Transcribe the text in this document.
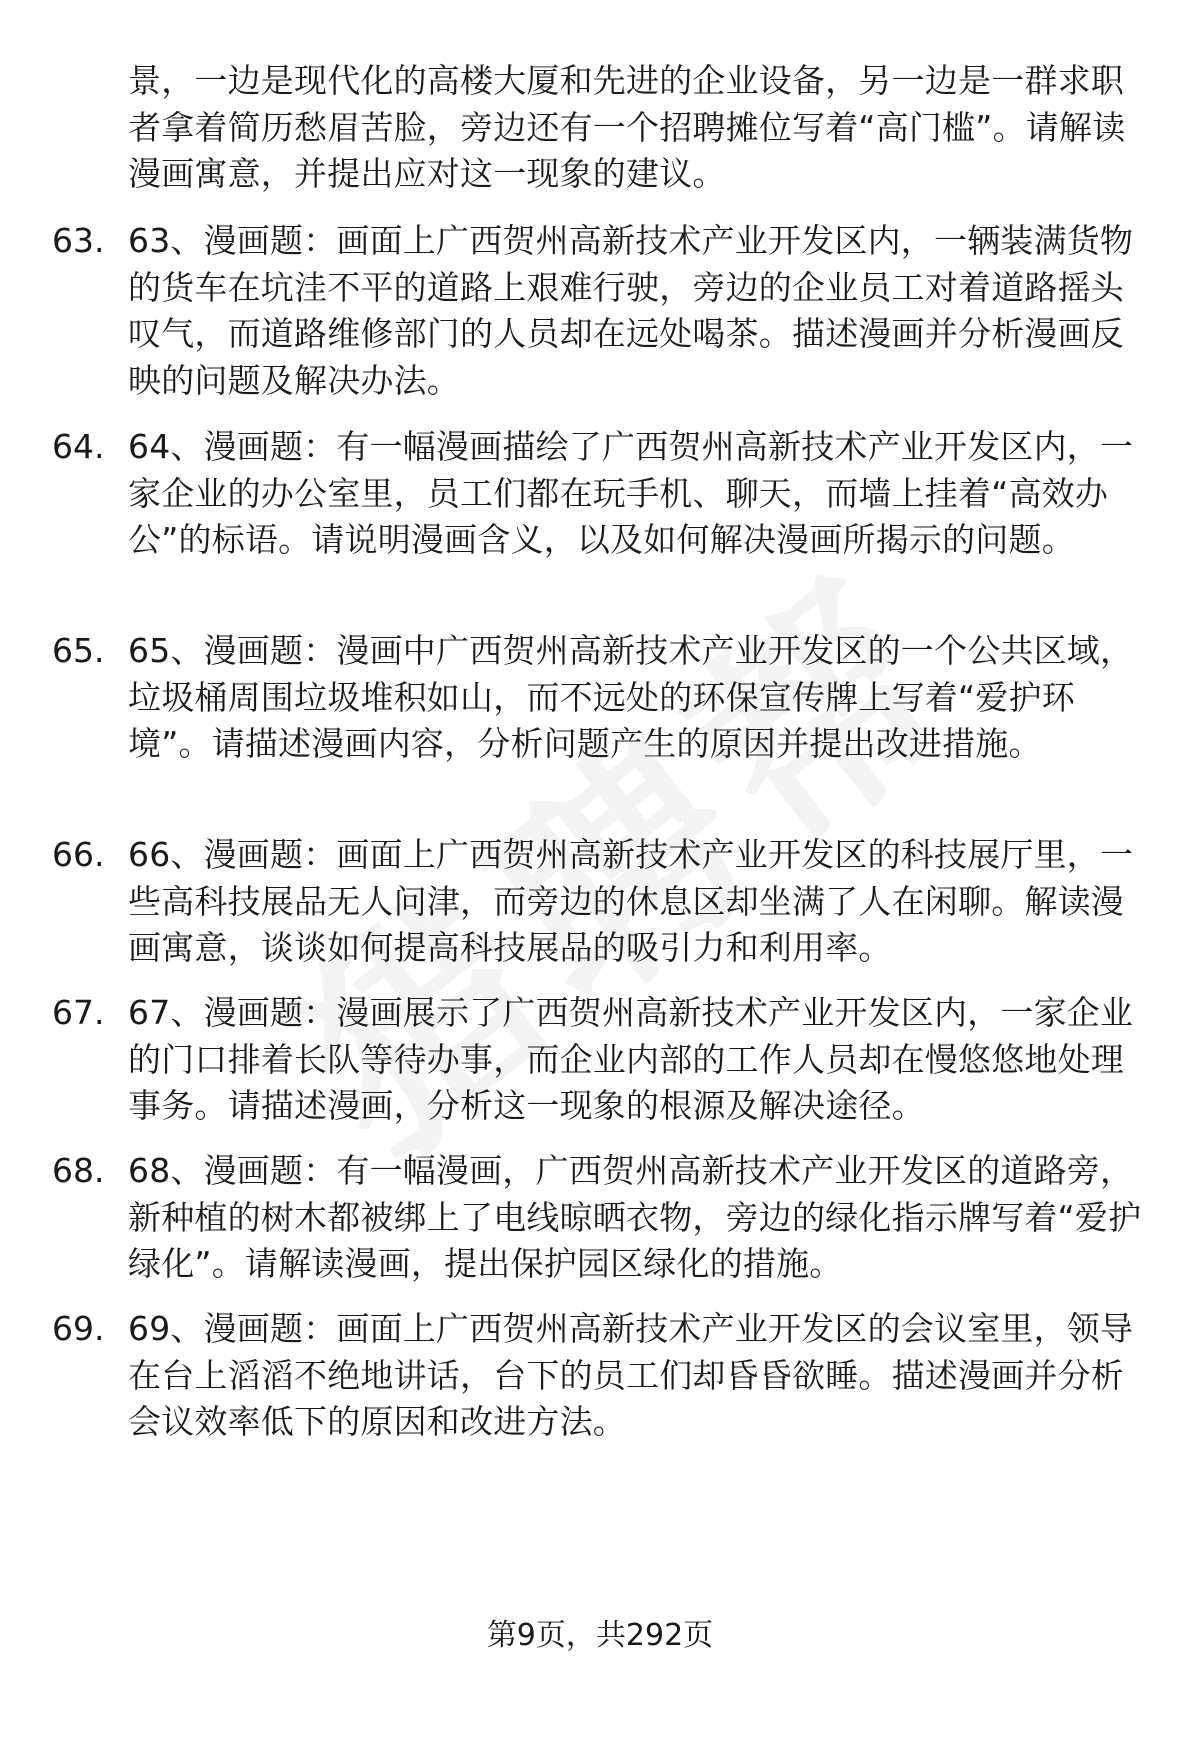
景，一边是现代化的高楼大厦和先进的企业设备，另一边是一群求职者拿着简历愁眉苦脸，旁边还有一个招聘摊位写着“高门槛”。请解读漫画寓意，并提出应对这一现象的建议。
63. 63、漫画题：画面上广西贺州高新技术产业开发区内，一辆装满货物的货车在坑洼不平的道路上艰难行驶，旁边的企业员工对着道路摇头叹气，而道路维修部门的人员却在远处喝茶。描述漫画并分析漫画反映的问题及解决办法。
64. 64、漫画题：有一幅漫画描绘了广西贺州高新技术产业开发区内，一家企业的办公室里，员工们都在玩手机、聊天，而墙上挂着“高效办公”的标语。请说明漫画含义，以及如何解决漫画所揭示的问题。
65. 65、漫画题：漫画中广西贺州高新技术产业开发区的一个公共区域，垃圾桶周围垃圾堆积如山，而不远处的环保宣传牌上写着“爱护环境”。请描述漫画内容，分析问题产生的原因并提出改进措施。
66. 66、漫画题：画面上广西贺州高新技术产业开发区的科技展厅里，一些高科技展品无人问津，而旁边的休息区却坐满了人在闲聊。解读漫画寓意，谈谈如何提高科技展品的吸引力和利用率。
67. 67、漫画题：漫画展示了广西贺州高新技术产业开发区内，一家企业的门口排着长队等待办事，而企业内部的工作人员却在慢悠悠地处理事务。请描述漫画，分析这一现象的根源及解决途径。
68. 68、漫画题：有一幅漫画，广西贺州高新技术产业开发区的道路旁，新种植的树木都被绑上了电线晾晒衣物，旁边的绿化指示牌写着“爱护绿化”。请解读漫画，提出保护园区绿化的措施。
69. 69、漫画题：画面上广西贺州高新技术产业开发区的会议室里，领导在台上滔滔不绝地讲话，台下的员工们却昏昏欲睡。描述漫画并分析会议效率低下的原因和改进方法。
第9页，共292页
